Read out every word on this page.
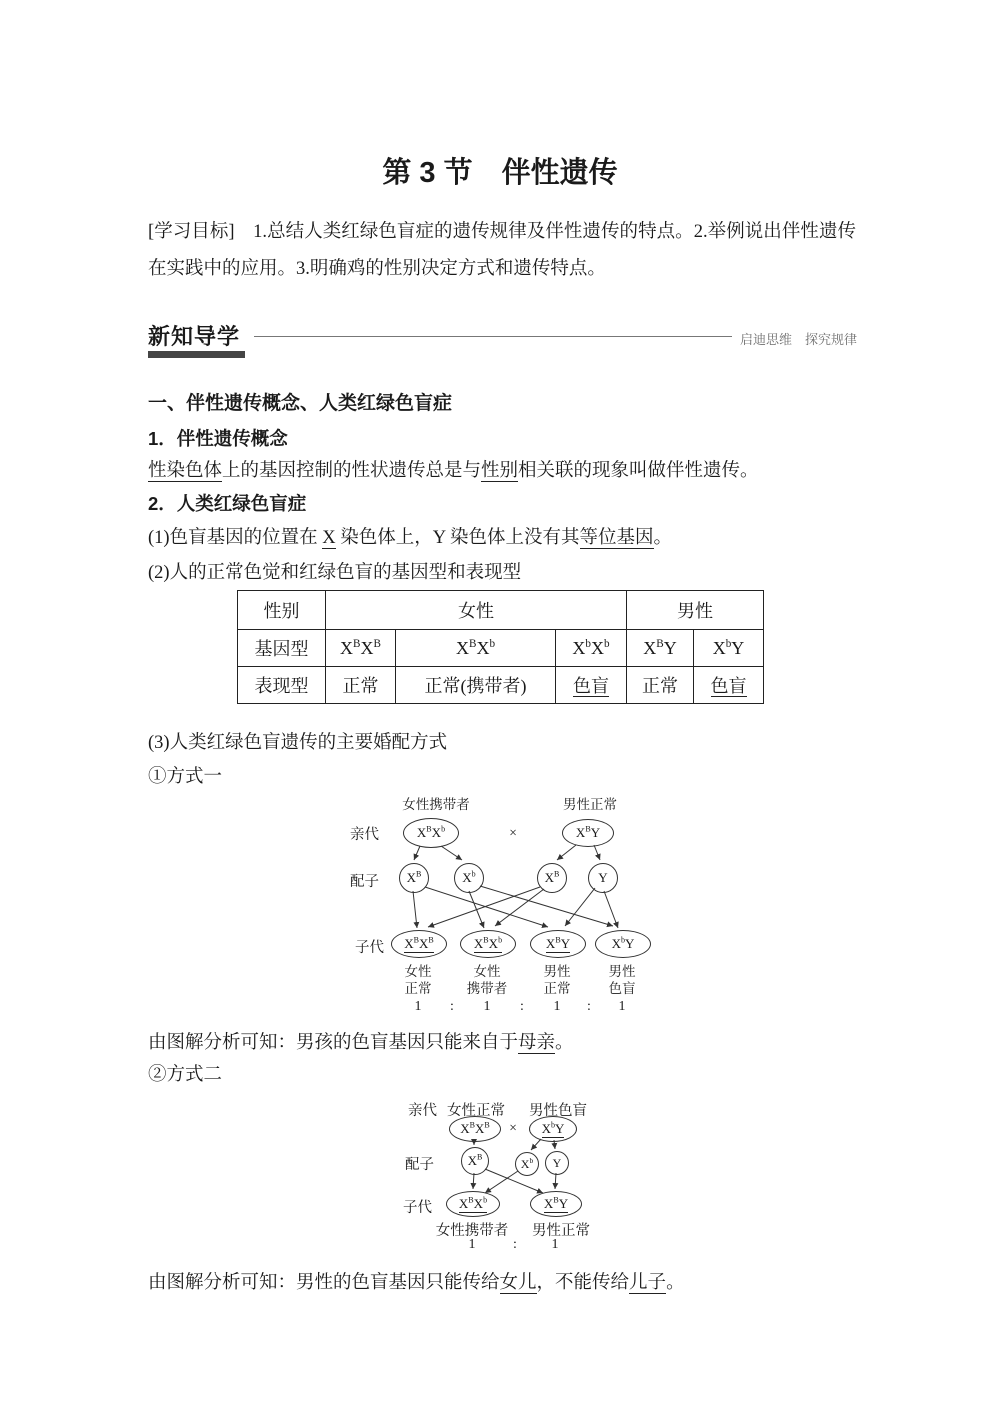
第 3 节　伴性遗传
[学习目标]　1.总结人类红绿色盲症的遗传规律及伴性遗传的特点。2.举例说出伴性遗传在实践中的应用。3.明确鸡的性别决定方式和遗传特点。
新知导学	启迪思维　探究规律
一、伴性遗传概念、人类红绿色盲症
1．伴性遗传概念
性染色体上的基因控制的性状遗传总是与性别相关联的现象叫做伴性遗传。
2．人类红绿色盲症
(1)色盲基因的位置在 X 染色体上，Y 染色体上没有其等位基因。
(2)人的正常色觉和红绿色盲的基因型和表现型
性别	女性			男性	
基因型	$X^BX^B$	$X^BX^b$	$X^bX^b$	$X^BY$	$X^bY$
表现型	正常	正常(携带者)	色盲	正常	色盲
(3)人类红绿色盲遗传的主要婚配方式
①方式一
女性携带者	男性正常
亲代	$X^BX^b$	×	$X^BY$
配子 $X^B$	$X^b$	$X^B$	Y
子代 $X^BX^B$	$X^BX^b$	$X^BY$	$X^bY$
女性
正常
女性
携带者
男性
正常
男性
色盲
1 : 1 : 1 : 1
由图解分析可知：男孩的色盲基因只能来自于母亲。
②方式二
亲代 女性正常 男性色盲
$X^BX^B \times X^bY$
配子	$X^B$	$X^b$ Y
子代 $X^BX^b$	$X^BY$
女性携带者 男性正常
1	: 1
由图解分析可知：男性的色盲基因只能传给女儿，不能传给儿子。
